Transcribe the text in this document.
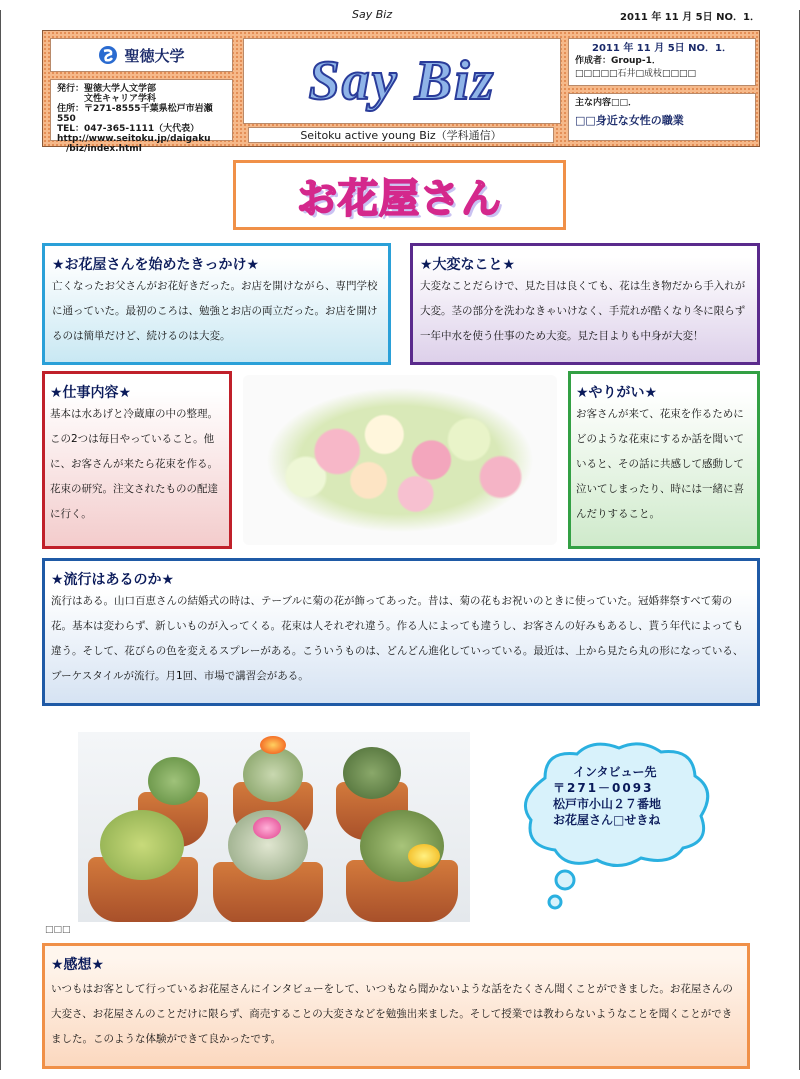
Say Biz	2011 年 11 月 5日 NO．1．
聖徳大学
発行：聖徳大学人文学部
　　　文性キャリア学科
住所：〒271-8555千葉県松戸市岩瀬550
TEL：047-365-1111（大代表）
http://www.seitoku.jp/daigaku
　/biz/index.html
Say Biz
Seitoku active young Biz（学科通信）
2011 年 11 月 5日 NO．1．
作成者：Group-1．
□□□□□石井□成枝□□□□
主な内容□□．
□□身近な女性の職業
お花屋さん
★お花屋さんを始めたきっかけ★

亡くなったお父さんがお花好きだった。お店を開けながら、専門学校に通っていた。最初のころは、勉強とお店の両立だった。お店を開けるのは簡単だけど、続けるのは大変。

★大変なこと★

大変なことだらけで、見た目は良くても、花は生き物だから手入れが大変。茎の部分を洗わなきゃいけなく、手荒れが酷くなり冬に限らず一年中水を使う仕事のため大変。見た目よりも中身が大変！

★仕事内容★

基本は水あげと冷蔵庫の中の整理。この2つは毎日やっていること。他に、お客さんが来たら花束を作る。花束の研究。注文されたものの配達に行く。

★やりがい★

お客さんが来て、花束を作るためにどのような花束にするか話を聞いていると、その話に共感して感動して泣いてしまったり、時には一緒に喜んだりすること。

★流行はあるのか★

流行はある。山口百恵さんの結婚式の時は、テーブルに菊の花が飾ってあった。昔は、菊の花もお祝いのときに使っていた。冠婚葬祭すべて菊の花。基本は変わらず、新しいものが入ってくる。花束は人それぞれ違う。作る人によっても違うし、お客さんの好みもあるし、貰う年代によっても違う。そして、花びらの色を変えるスプレーがある。こういうものは、どんどん進化していっている。最近は、上から見たら丸の形になっている、ブーケスタイルが流行。月1回、市場で講習会がある。

インタビュー先
〒271－0093
松戸市小山２７番地
お花屋さん□せきね
□□□
★感想★

いつもはお客として行っているお花屋さんにインタビューをして、いつもなら聞かないような話をたくさん聞くことができました。お花屋さんの大変さ、お花屋さんのことだけに限らず、商売することの大変さなどを勉強出来ました。そして授業では教わらないようなことを聞くことができました。このような体験ができて良かったです。
